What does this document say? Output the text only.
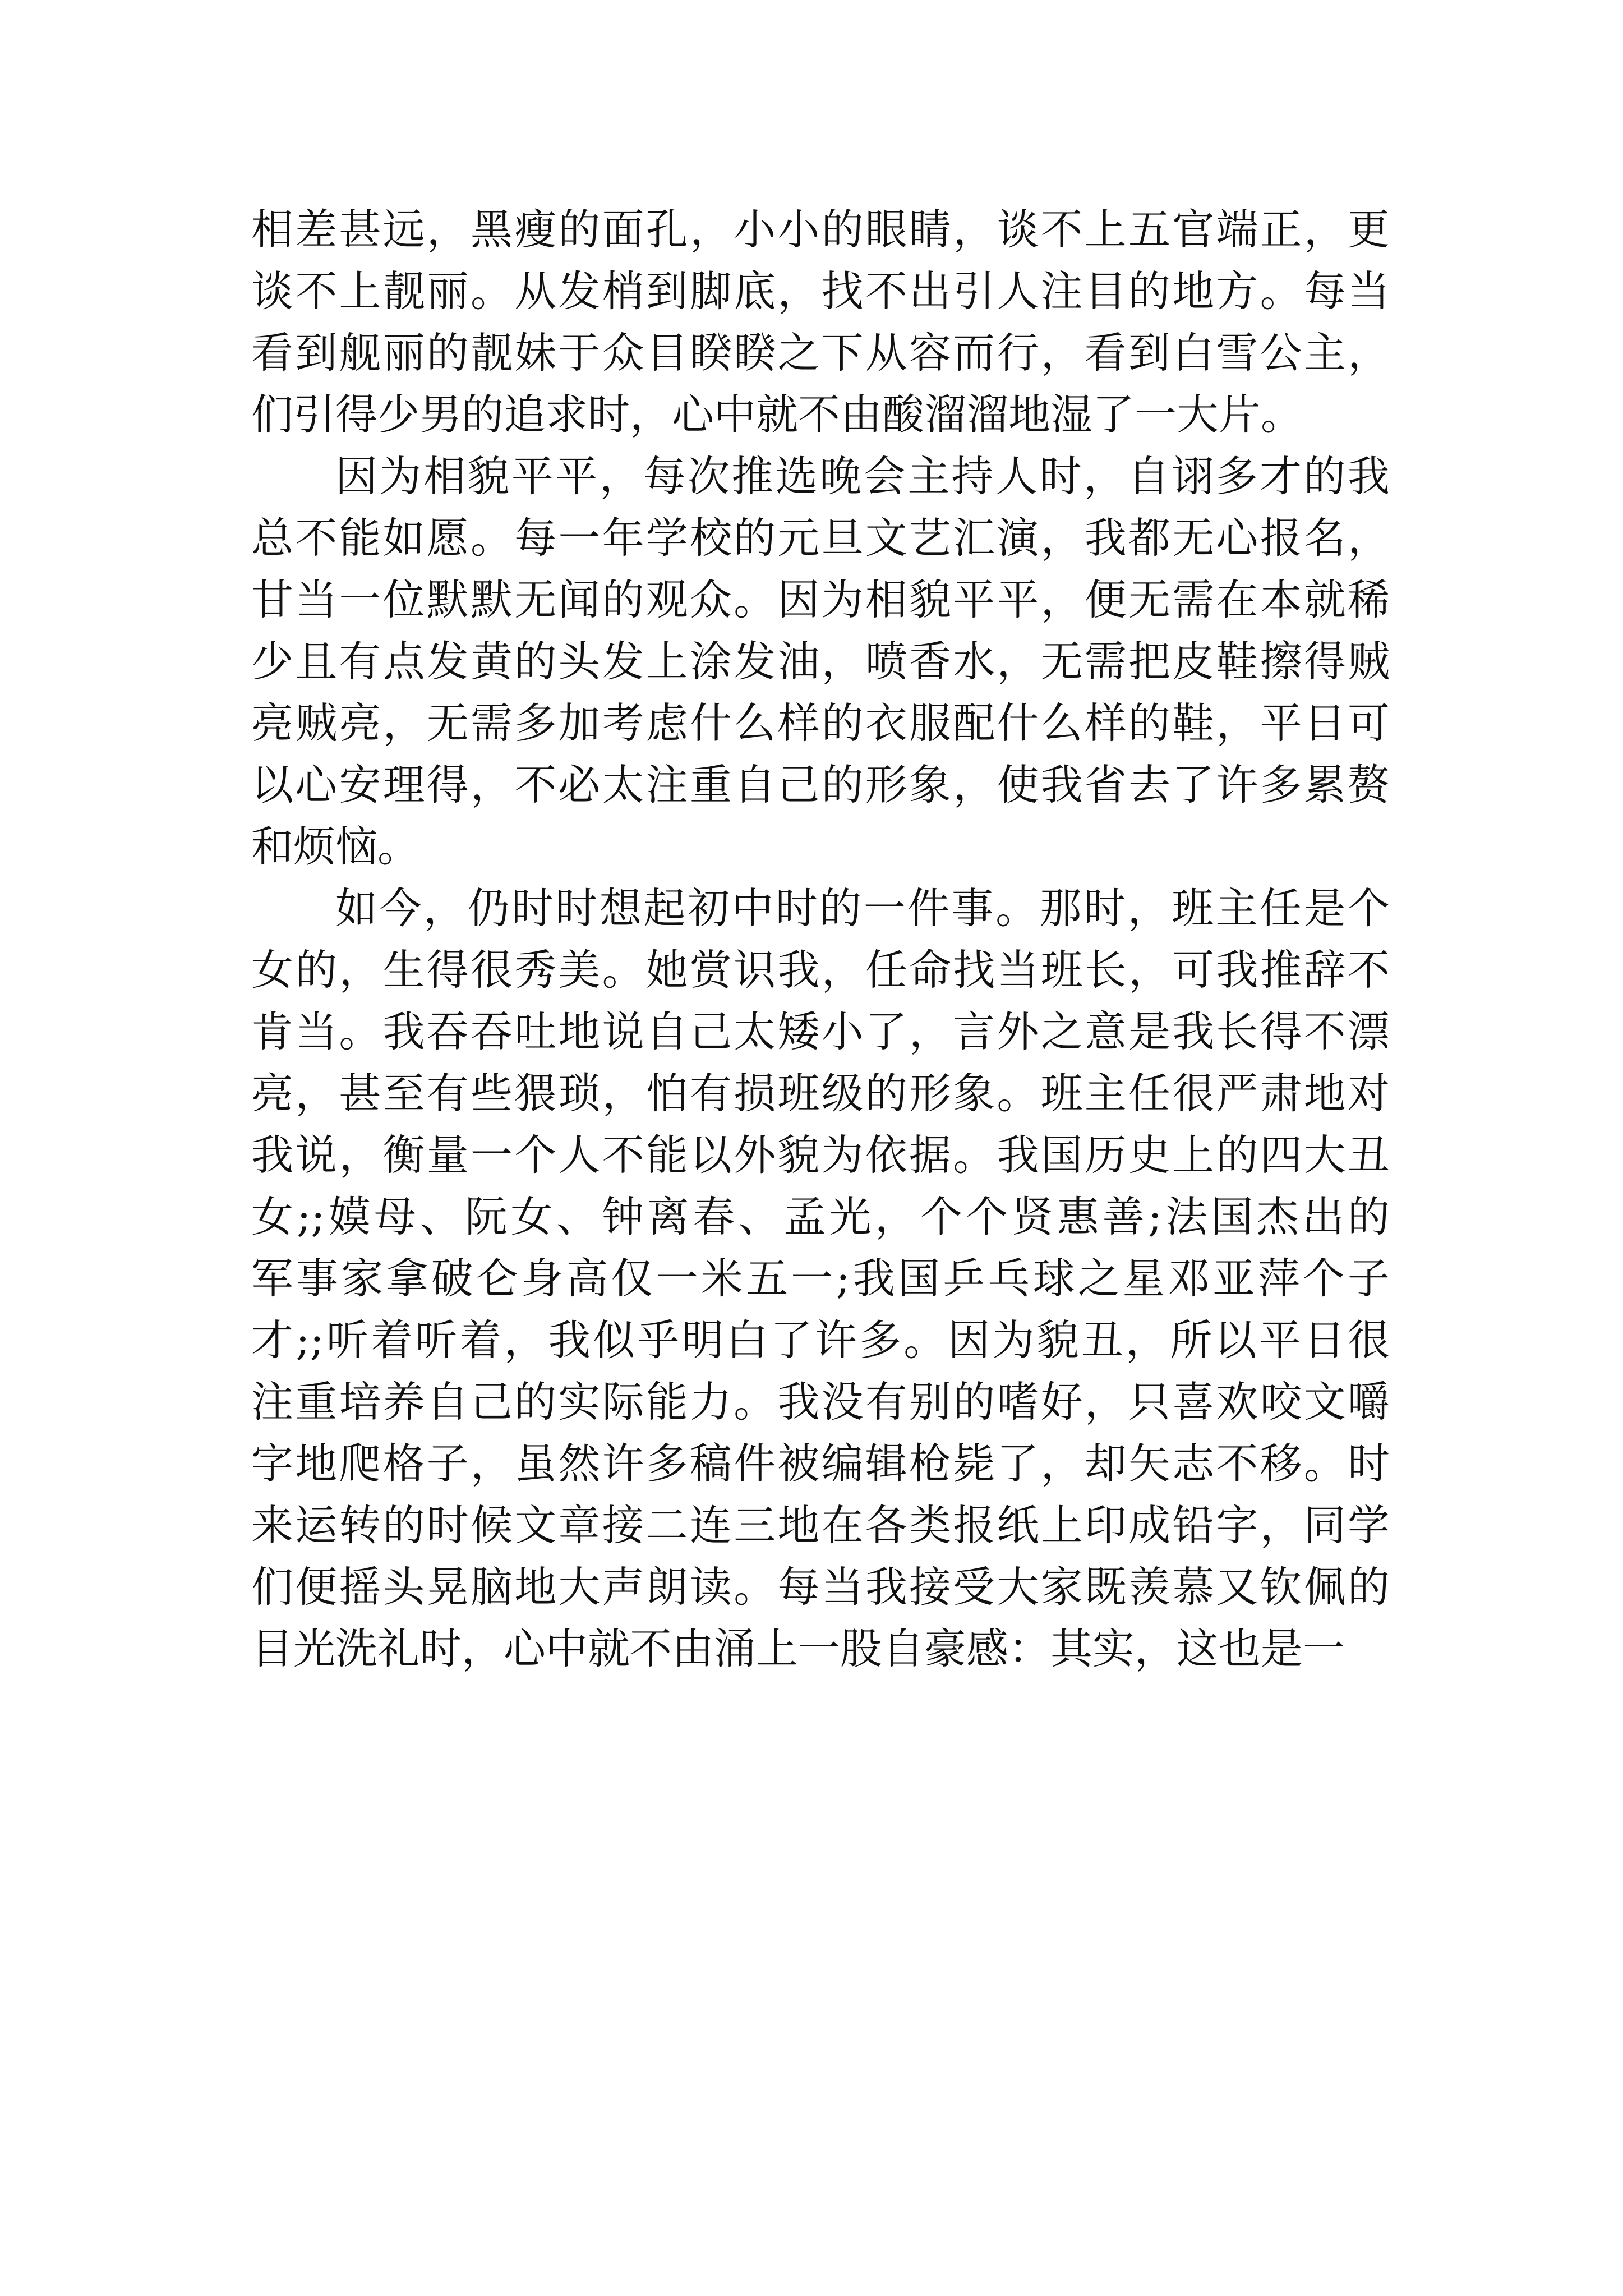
相差甚远，黑瘦的面孔，小小的眼睛，谈不上五官端正，更
谈不上靓丽。从发梢到脚底，找不出引人注目的地方。每当
看到舰丽的靓妹于众目睽睽之下从容而行，看到白雪公主，
们引得少男的追求时，心中就不由酸溜溜地湿了一大片。
因为相貌平平，每次推选晚会主持人时，自诩多才的我
总不能如愿。每一年学校的元旦文艺汇演，我都无心报名，
甘当一位默默无闻的观众。因为相貌平平，便无需在本就稀
少且有点发黄的头发上涂发油，喷香水，无需把皮鞋擦得贼
亮贼亮，无需多加考虑什么样的衣服配什么样的鞋，平日可
以心安理得，不必太注重自己的形象，使我省去了许多累赘
和烦恼。
如今，仍时时想起初中时的一件事。那时，班主任是个
女的，生得很秀美。她赏识我，任命找当班长，可我推辞不
肯当。我吞吞吐地说自己太矮小了，言外之意是我长得不漂
亮，甚至有些猥琐，怕有损班级的形象。班主任很严肃地对
我说，衡量一个人不能以外貌为依据。我国历史上的四大丑
女;;嫫母、阮女、钟离春、孟光，个个贤惠善;法国杰出的
军事家拿破仑身高仅一米五一;我国乒乓球之星邓亚萍个子
才;;听着听着，我似乎明白了许多。因为貌丑，所以平日很
注重培养自己的实际能力。我没有别的嗜好，只喜欢咬文嚼
字地爬格子，虽然许多稿件被编辑枪毙了，却矢志不移。时
来运转的时候文章接二连三地在各类报纸上印成铅字，同学
们便摇头晃脑地大声朗读。每当我接受大家既羡慕又钦佩的
目光洗礼时，心中就不由涌上一股自豪感：其实，这也是一
